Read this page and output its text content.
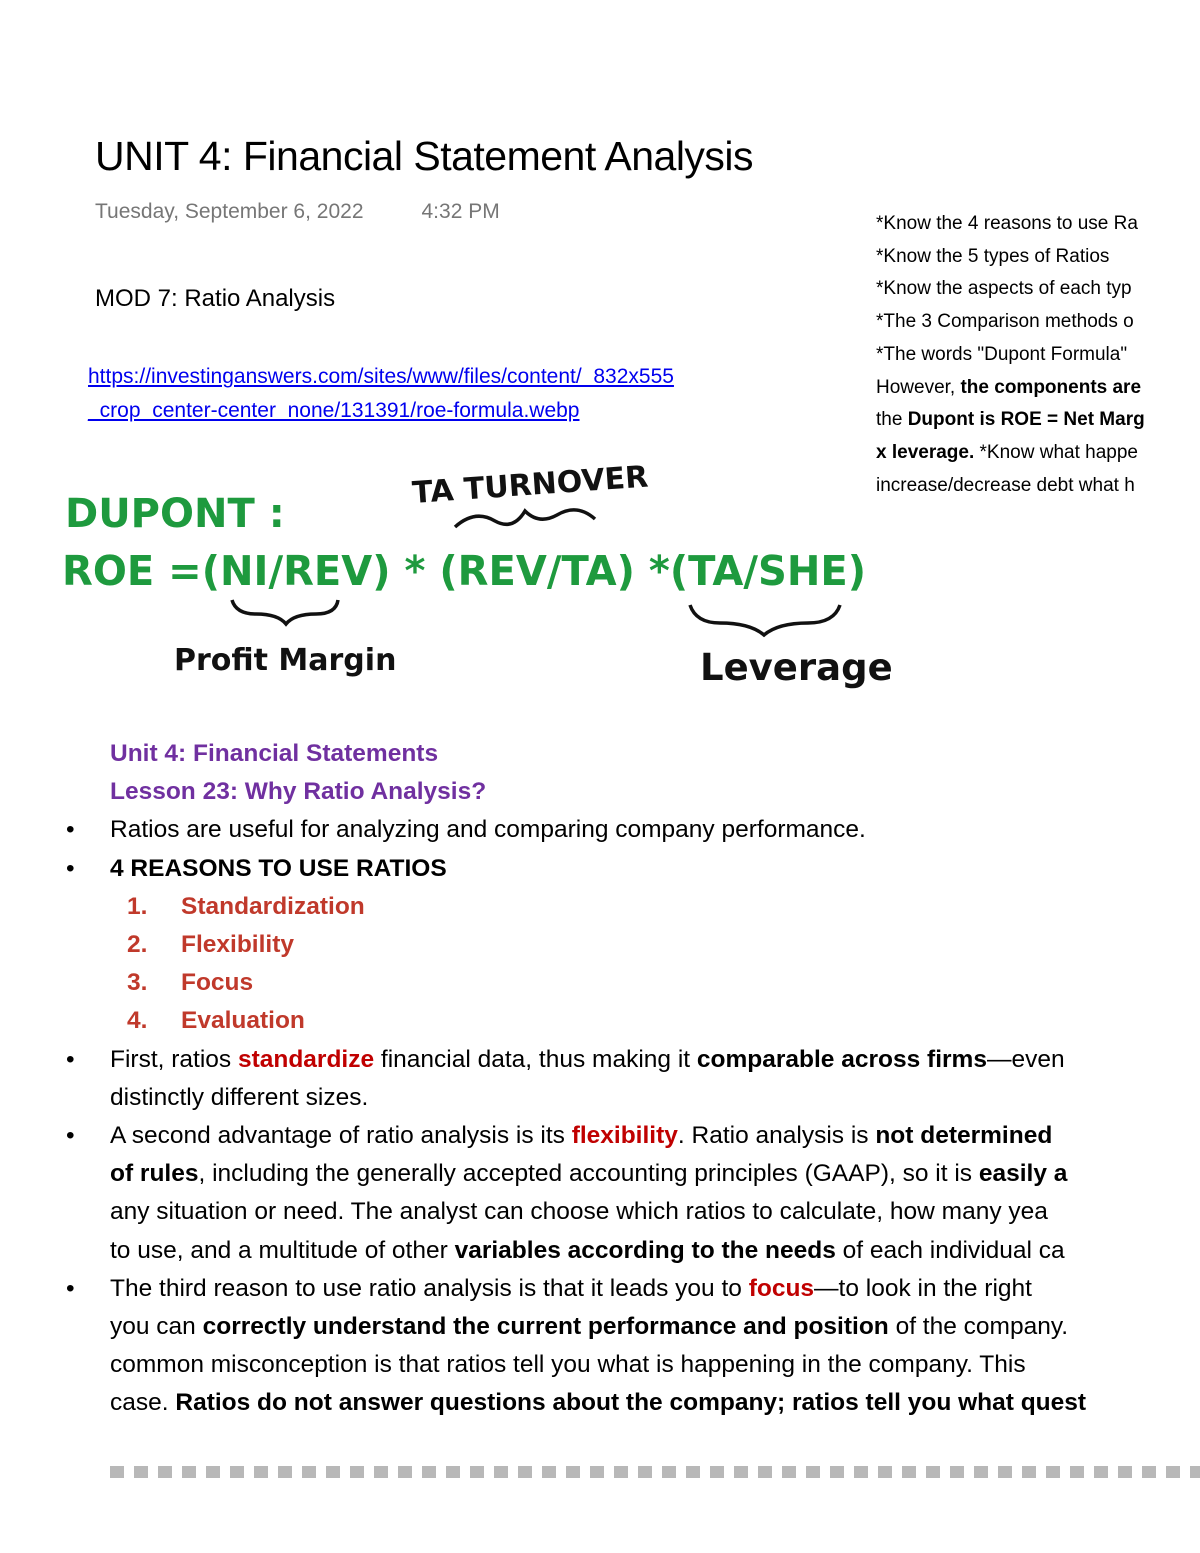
UNIT 4: Financial Statement Analysis
Tuesday, September 6, 2022	4:32 PM
MOD 7: Ratio Analysis
https://investinganswers.com/sites/www/files/content/_832x555
_crop_center-center_none/131391/roe-formula.webp
*Know the 4 reasons to use Ra
*Know the 5 types of Ratios
*Know the aspects of each typ
*The 3 Comparison methods o
*The words "Dupont Formula"
However, the components are
the Dupont is ROE = Net Marg
x leverage. *Know what happe
increase/decrease debt what h
DUPONT :
TA TURNOVER
ROE =(NI/REV) * (REV/TA) *(TA/SHE)
Profit Margin	Leverage
Unit 4: Financial Statements
Lesson 23: Why Ratio Analysis?
• Ratios are useful for analyzing and comparing company performance.
• 4 REASONS TO USE RATIOS
1. Standardization
2. Flexibility
3. Focus
4. Evaluation
• First, ratios standardize financial data, thus making it comparable across firms—even
distinctly different sizes.
• A second advantage of ratio analysis is its flexibility. Ratio analysis is not determined
of rules, including the generally accepted accounting principles (GAAP), so it is easily a
any situation or need. The analyst can choose which ratios to calculate, how many yea
to use, and a multitude of other variables according to the needs of each individual ca
• The third reason to use ratio analysis is that it leads you to focus—to look in the right
you can correctly understand the current performance and position of the company.
common misconception is that ratios tell you what is happening in the company. This
case. Ratios do not answer questions about the company; ratios tell you what quest
